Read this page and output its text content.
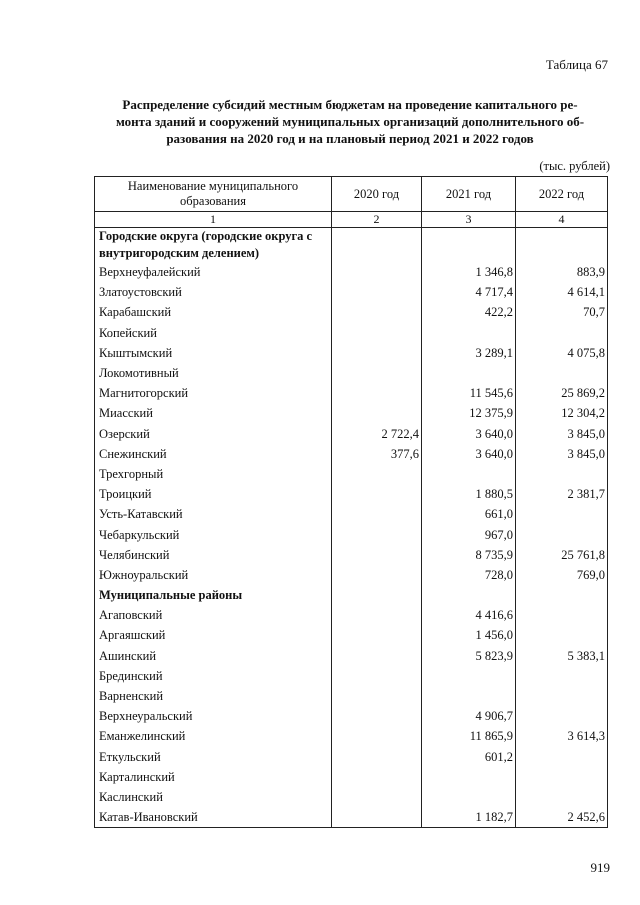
Таблица 67
Распределение субсидий местным бюджетам на проведение капитального ре-
монта зданий и сооружений муниципальных организаций дополнительного об-
разования на 2020 год и на плановый период 2021 и 2022 годов
(тыс. рублей)
Наименование муниципального образования	2020 год	2021 год	2022 год
1	2	3	4
Городские округа (городские округа с внутригородским делением)			
Верхнеуфалейский		1 346,8	883,9
Златоустовский		4 717,4	4 614,1
Карабашский		422,2	70,7
Копейский			
Кыштымский		3 289,1	4 075,8
Локомотивный			
Магнитогорский		11 545,6	25 869,2
Миасский		12 375,9	12 304,2
Озерский	2 722,4	3 640,0	3 845,0
Снежинский	377,6	3 640,0	3 845,0
Трехгорный			
Троицкий		1 880,5	2 381,7
Усть-Катавский		661,0	
Чебаркульский		967,0	
Челябинский		8 735,9	25 761,8
Южноуральский		728,0	769,0
Муниципальные районы			
Агаповский		4 416,6	
Аргаяшский		1 456,0	
Ашинский		5 823,9	5 383,1
Брединский			
Варненский			
Верхнеуральский		4 906,7	
Еманжелинский		11 865,9	3 614,3
Еткульский		601,2	
Карталинский			
Каслинский			
Катав-Ивановский		1 182,7	2 452,6
919
